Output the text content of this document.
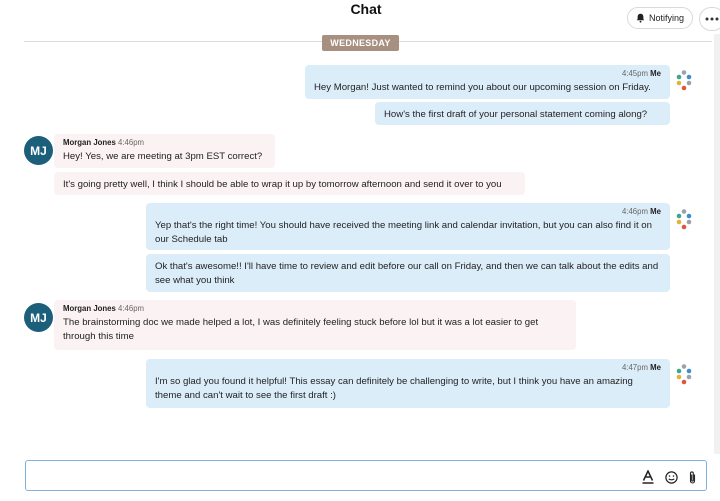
Chat
Notifying
WEDNESDAY
4:45pm Me
Hey Morgan! Just wanted to remind you about our upcoming session on Friday.
How's the first draft of your personal statement coming along?
MJ
Morgan Jones 4:46pm
Hey! Yes, we are meeting at 3pm EST correct?
It's going pretty well, I think I should be able to wrap it up by tomorrow afternoon and send it over to you
4:46pm Me
Yep that's the right time! You should have received the meeting link and calendar invitation, but you can also find it on our Schedule tab
Ok that's awesome!! I'll have time to review and edit before our call on Friday, and then we can talk about the edits and see what you think
MJ
Morgan Jones 4:46pm
The brainstorming doc we made helped a lot, I was definitely feeling stuck before lol but it was a lot easier to get through this time
4:47pm Me
I'm so glad you found it helpful! This essay can definitely be challenging to write, but I think you have an amazing theme and can't wait to see the first draft :)
